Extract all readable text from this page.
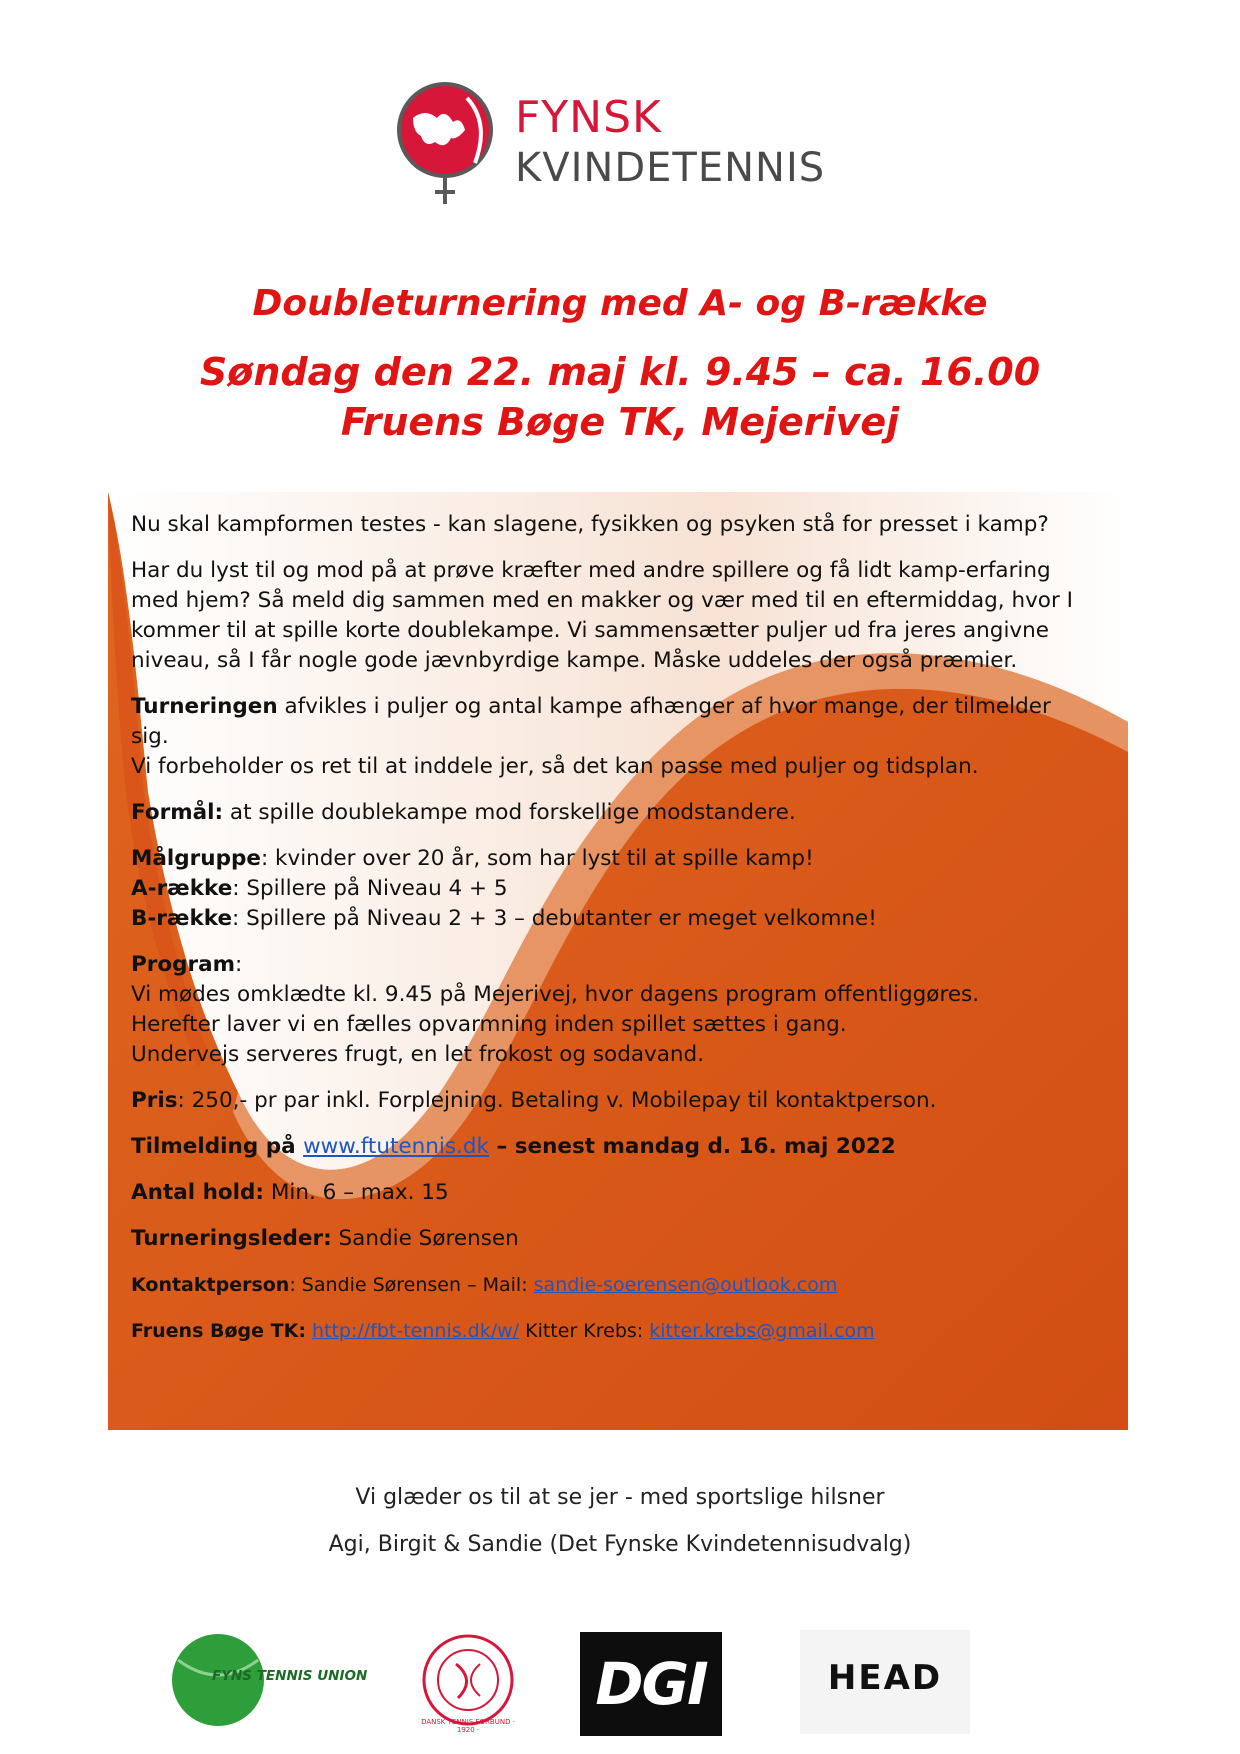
FYNSK
KVINDETENNIS
Doubleturnering med A- og B-række
Søndag den 22. maj kl. 9.45 – ca. 16.00
Fruens Bøge TK, Mejerivej

Nu skal kampformen testes - kan slagene, fysikken og psyken stå for presset i kamp?

Har du lyst til og mod på at prøve kræfter med andre spillere og få lidt kamp-erfaring med hjem? Så meld dig sammen med en makker og vær med til en eftermiddag, hvor I kommer til at spille korte doublekampe. Vi sammensætter puljer ud fra jeres angivne niveau, så I får nogle gode jævnbyrdige kampe. Måske uddeles der også præmier.

Turneringen afvikles i puljer og antal kampe afhænger af hvor mange, der tilmelder sig.
Vi forbeholder os ret til at inddele jer, så det kan passe med puljer og tidsplan.

Formål: at spille doublekampe mod forskellige modstandere.

Målgruppe: kvinder over 20 år, som har lyst til at spille kamp!
A-række: Spillere på Niveau 4 + 5
B-række: Spillere på Niveau 2 + 3 – debutanter er meget velkomne!

Program:
Vi mødes omklædte kl. 9.45 på Mejerivej, hvor dagens program offentliggøres.
Herefter laver vi en fælles opvarmning inden spillet sættes i gang.
Undervejs serveres frugt, en let frokost og sodavand.

Pris: 250,- pr par inkl. Forplejning. Betaling v. Mobilepay til kontaktperson.

Tilmelding på www.ftutennis.dk – senest mandag d. 16. maj 2022

Antal hold: Min. 6 – max. 15

Turneringsleder: Sandie Sørensen

Kontaktperson: Sandie Sørensen – Mail: sandie-soerensen@outlook.com

Fruens Bøge TK: http://fbt-tennis.dk/w/ Kitter Krebs: kitter.krebs@gmail.com

Vi glæder os til at se jer - med sportslige hilsner
Agi, Birgit & Sandie (Det Fynske Kvindetennisudvalg)
FYNS TENNIS UNION
DANSK TENNIS FORBUND · 1920 ·
DGI	HEAD
